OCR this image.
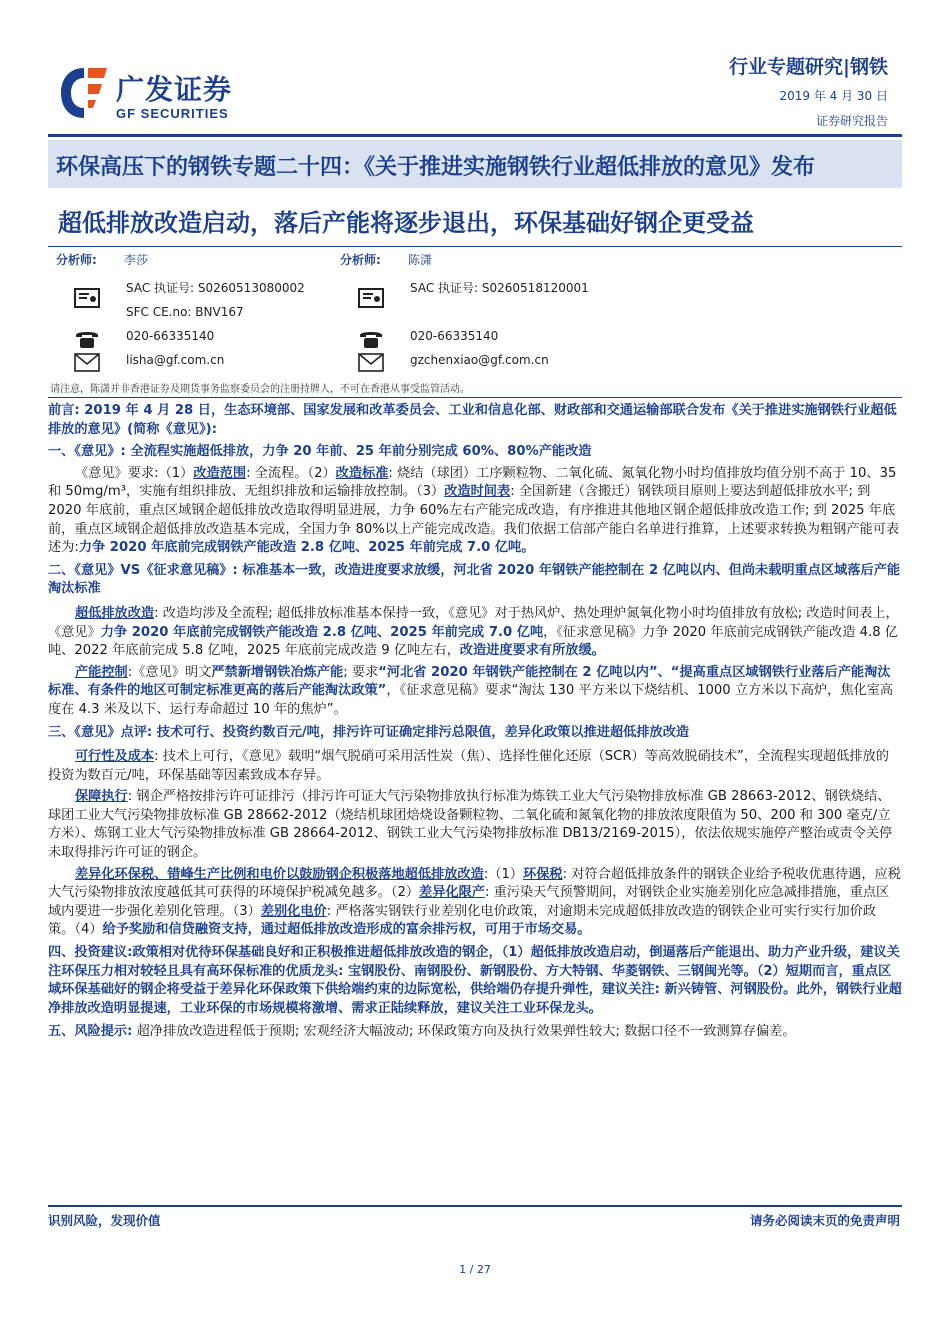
广发证券
GF SECURITIES
行业专题研究|钢铁
2019 年 4 月 30 日
证券研究报告
环保高压下的钢铁专题二十四：《关于推进实施钢铁行业超低排放的意见》发布
超低排放改造启动，落后产能将逐步退出，环保基础好钢企更受益
分析师: 李莎
SAC 执证号: S0260513080002
SFC CE.no: BNV167
020-66335140
lisha@gf.com.cn
分析师: 陈潇
SAC 执证号: S0260518120001
020-66335140
gzchenxiao@gf.com.cn
请注意，陈潇并非香港证券及期货事务监察委员会的注册持牌人，不可在香港从事受监管活动。

前言: 2019 年 4 月 28 日，生态环境部、国家发展和改革委员会、工业和信息化部、财政部和交通运输部联合发布《关于推进实施钢铁行业超低排放的意见》(简称《意见》):

一、《意见》: 全流程实施超低排放，力争 20 年前、25 年前分别完成 60%、80%产能改造

《意见》要求:（1）改造范围: 全流程。（2）改造标准: 烧结（球团）工序颗粒物、二氧化硫、氮氧化物小时均值排放均值分别不高于 10、35 和 50mg/m³，实施有组织排放、无组织排放和运输排放控制。（3）改造时间表: 全国新建（含搬迁）钢铁项目原则上要达到超低排放水平; 到 2020 年底前，重点区域钢企超低排放改造取得明显进展，力争 60%左右产能完成改造，有序推进其他地区钢企超低排放改造工作; 到 2025 年底前，重点区域钢企超低排放改造基本完成，全国力争 80%以上产能完成改造。我们依据工信部产能白名单进行推算，上述要求转换为粗钢产能可表述为:力争 2020 年底前完成钢铁产能改造 2.8 亿吨、2025 年前完成 7.0 亿吨。

二、《意见》VS《征求意见稿》: 标准基本一致，改造进度要求放缓，河北省 2020 年钢铁产能控制在 2 亿吨以内、但尚未载明重点区域落后产能淘汰标准

超低排放改造: 改造均涉及全流程; 超低排放标准基本保持一致，《意见》对于热风炉、热处理炉氮氧化物小时均值排放有放松; 改造时间表上，《意见》力争 2020 年底前完成钢铁产能改造 2.8 亿吨、2025 年前完成 7.0 亿吨，《征求意见稿》力争 2020 年底前完成钢铁产能改造 4.8 亿吨、2022 年底前完成 5.8 亿吨，2025 年底前完成改造 9 亿吨左右，改造进度要求有所放缓。

产能控制:《意见》明文严禁新增钢铁冶炼产能; 要求“河北省 2020 年钢铁产能控制在 2 亿吨以内”、“提高重点区域钢铁行业落后产能淘汰标准、有条件的地区可制定标准更高的落后产能淘汰政策”，《征求意见稿》要求“淘汰 130 平方米以下烧结机、1000 立方米以下高炉，焦化室高度在 4.3 米及以下、运行寿命超过 10 年的焦炉”。

三、《意见》点评: 技术可行、投资约数百元/吨，排污许可证确定排污总限值，差异化政策以推进超低排放改造

可行性及成本: 技术上可行，《意见》载明“烟气脱硝可采用活性炭（焦）、选择性催化还原（SCR）等高效脱硝技术”，全流程实现超低排放的投资为数百元/吨，环保基础等因素致成本存异。

保障执行: 钢企严格按排污许可证排污（排污许可证大气污染物排放执行标准为炼铁工业大气污染物排放标准 GB 28663-2012、钢铁烧结、球团工业大气污染物排放标准 GB 28662-2012（烧结机球团焙烧设备颗粒物、二氧化硫和氮氧化物的排放浓度限值为 50、200 和 300 毫克/立方米）、炼钢工业大气污染物排放标准 GB 28664-2012、钢铁工业大气污染物排放标准 DB13/2169-2015），依法依规实施停产整治或责令关停未取得排污许可证的钢企。

差异化环保税、错峰生产比例和电价以鼓励钢企积极落地超低排放改造:（1）环保税: 对符合超低排放条件的钢铁企业给予税收优惠待遇，应税大气污染物排放浓度越低其可获得的环境保护税减免越多。（2）差异化限产: 重污染天气预警期间，对钢铁企业实施差别化应急减排措施，重点区域内要进一步强化差别化管理。（3）差别化电价: 严格落实钢铁行业差别化电价政策，对逾期未完成超低排放改造的钢铁企业可实行实行加价政策。（4）给予奖励和信贷融资支持，通过超低排放改造形成的富余排污权，可用于市场交易。

四、投资建议:政策相对优待环保基础良好和正积极推进超低排放改造的钢企，（1）超低排放改造启动，倒逼落后产能退出、助力产业升级，建议关注环保压力相对较轻且具有高环保标准的优质龙头: 宝钢股份、南钢股份、新钢股份、方大特钢、华菱钢铁、三钢闽光等。（2）短期而言，重点区域环保基础好的钢企将受益于差异化环保政策下供给端约束的边际宽松，供给端仍存提升弹性，建议关注: 新兴铸管、河钢股份。此外，钢铁行业超净排放改造明显提速，工业环保的市场规模将激增、需求正陆续释放，建议关注工业环保龙头。

五、风险提示: 超净排放改造进程低于预期; 宏观经济大幅波动; 环保政策方向及执行效果弹性较大; 数据口径不一致测算存偏差。

识别风险，发现价值	请务必阅读末页的免责声明
1 / 27
